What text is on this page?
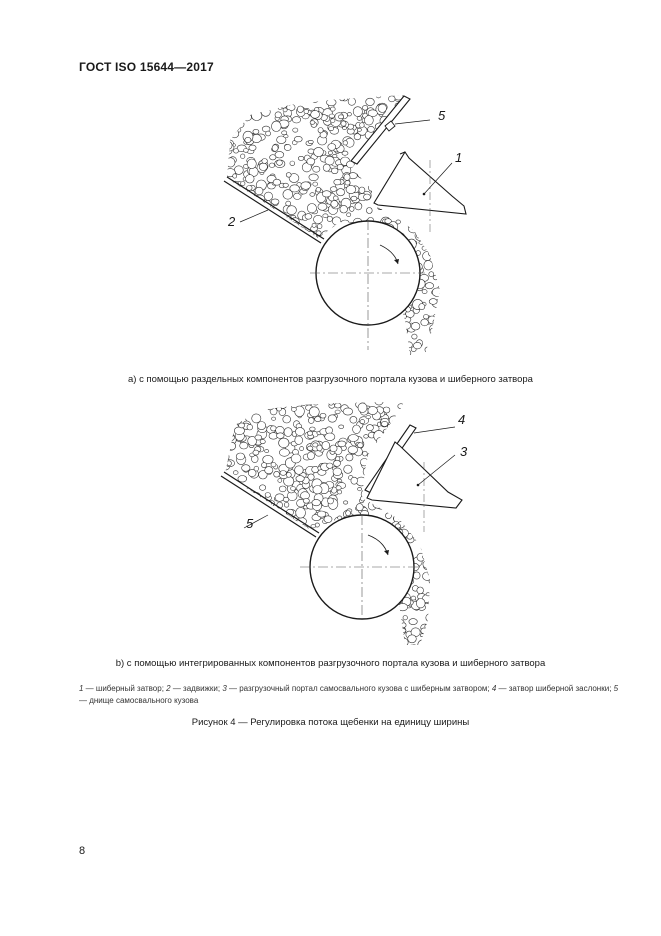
ГОСТ ISO 15644—2017
5
1
2
а) с помощью раздельных компонентов разгрузочного портала кузова и шиберного затвора
4
3
5
b) с помощью интегрированных компонентов разгрузочного портала кузова и шиберного затвора
1 — шиберный затвор; 2 — задвижки; 3 — разгрузочный портал самосвального кузова с шиберным затвором; 4 — затвор шиберной заслонки; 5 — днище самосвального кузова
Рисунок 4 — Регулировка потока щебенки на единицу ширины
8
